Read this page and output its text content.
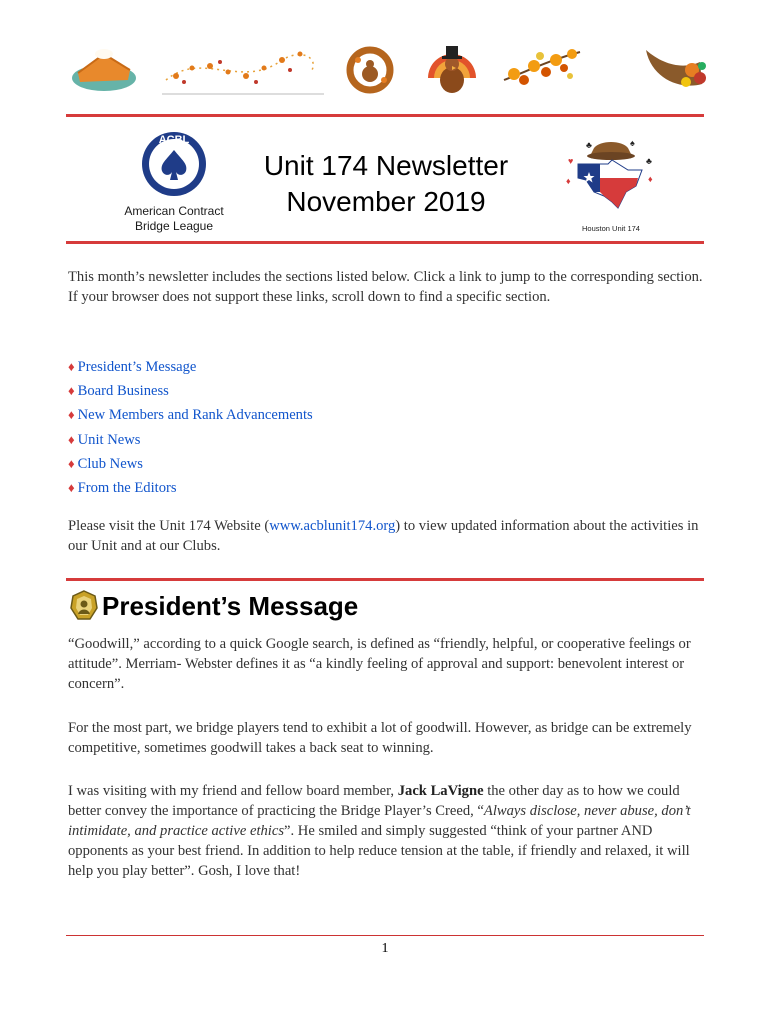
ACBL
American Contract
Bridge League
Unit 174 Newsletter
November 2019
♣	♠
♣
♥
♦
♦
Houston Unit 174

This month’s newsletter includes the sections listed below. Click a link to jump to the corresponding section. If your browser does not support these links, scroll down to find a specific section.

♦ President’s Message
♦ Board Business
♦ New Members and Rank Advancements
♦ Unit News
♦ Club News
♦ From the Editors

Please visit the Unit 174 Website (www.acblunit174.org) to view updated information about the activities in our Unit and at our Clubs.

President’s Message

“Goodwill,” according to a quick Google search, is defined as “friendly, helpful, or cooperative feelings or attitude”. Merriam- Webster defines it as “a kindly feeling of approval and support: benevolent interest or concern”.

For the most part, we bridge players tend to exhibit a lot of goodwill. However, as bridge can be extremely competitive, sometimes goodwill takes a back seat to winning.

I was visiting with my friend and fellow board member, Jack LaVigne the other day as to how we could better convey the importance of practicing the Bridge Player’s Creed, “Always disclose, never abuse, don’t intimidate, and practice active ethics”. He smiled and simply suggested “think of your partner AND opponents as your best friend. In addition to help reduce tension at the table, if friendly and relaxed, it will help you play better”. Gosh, I love that!

1
